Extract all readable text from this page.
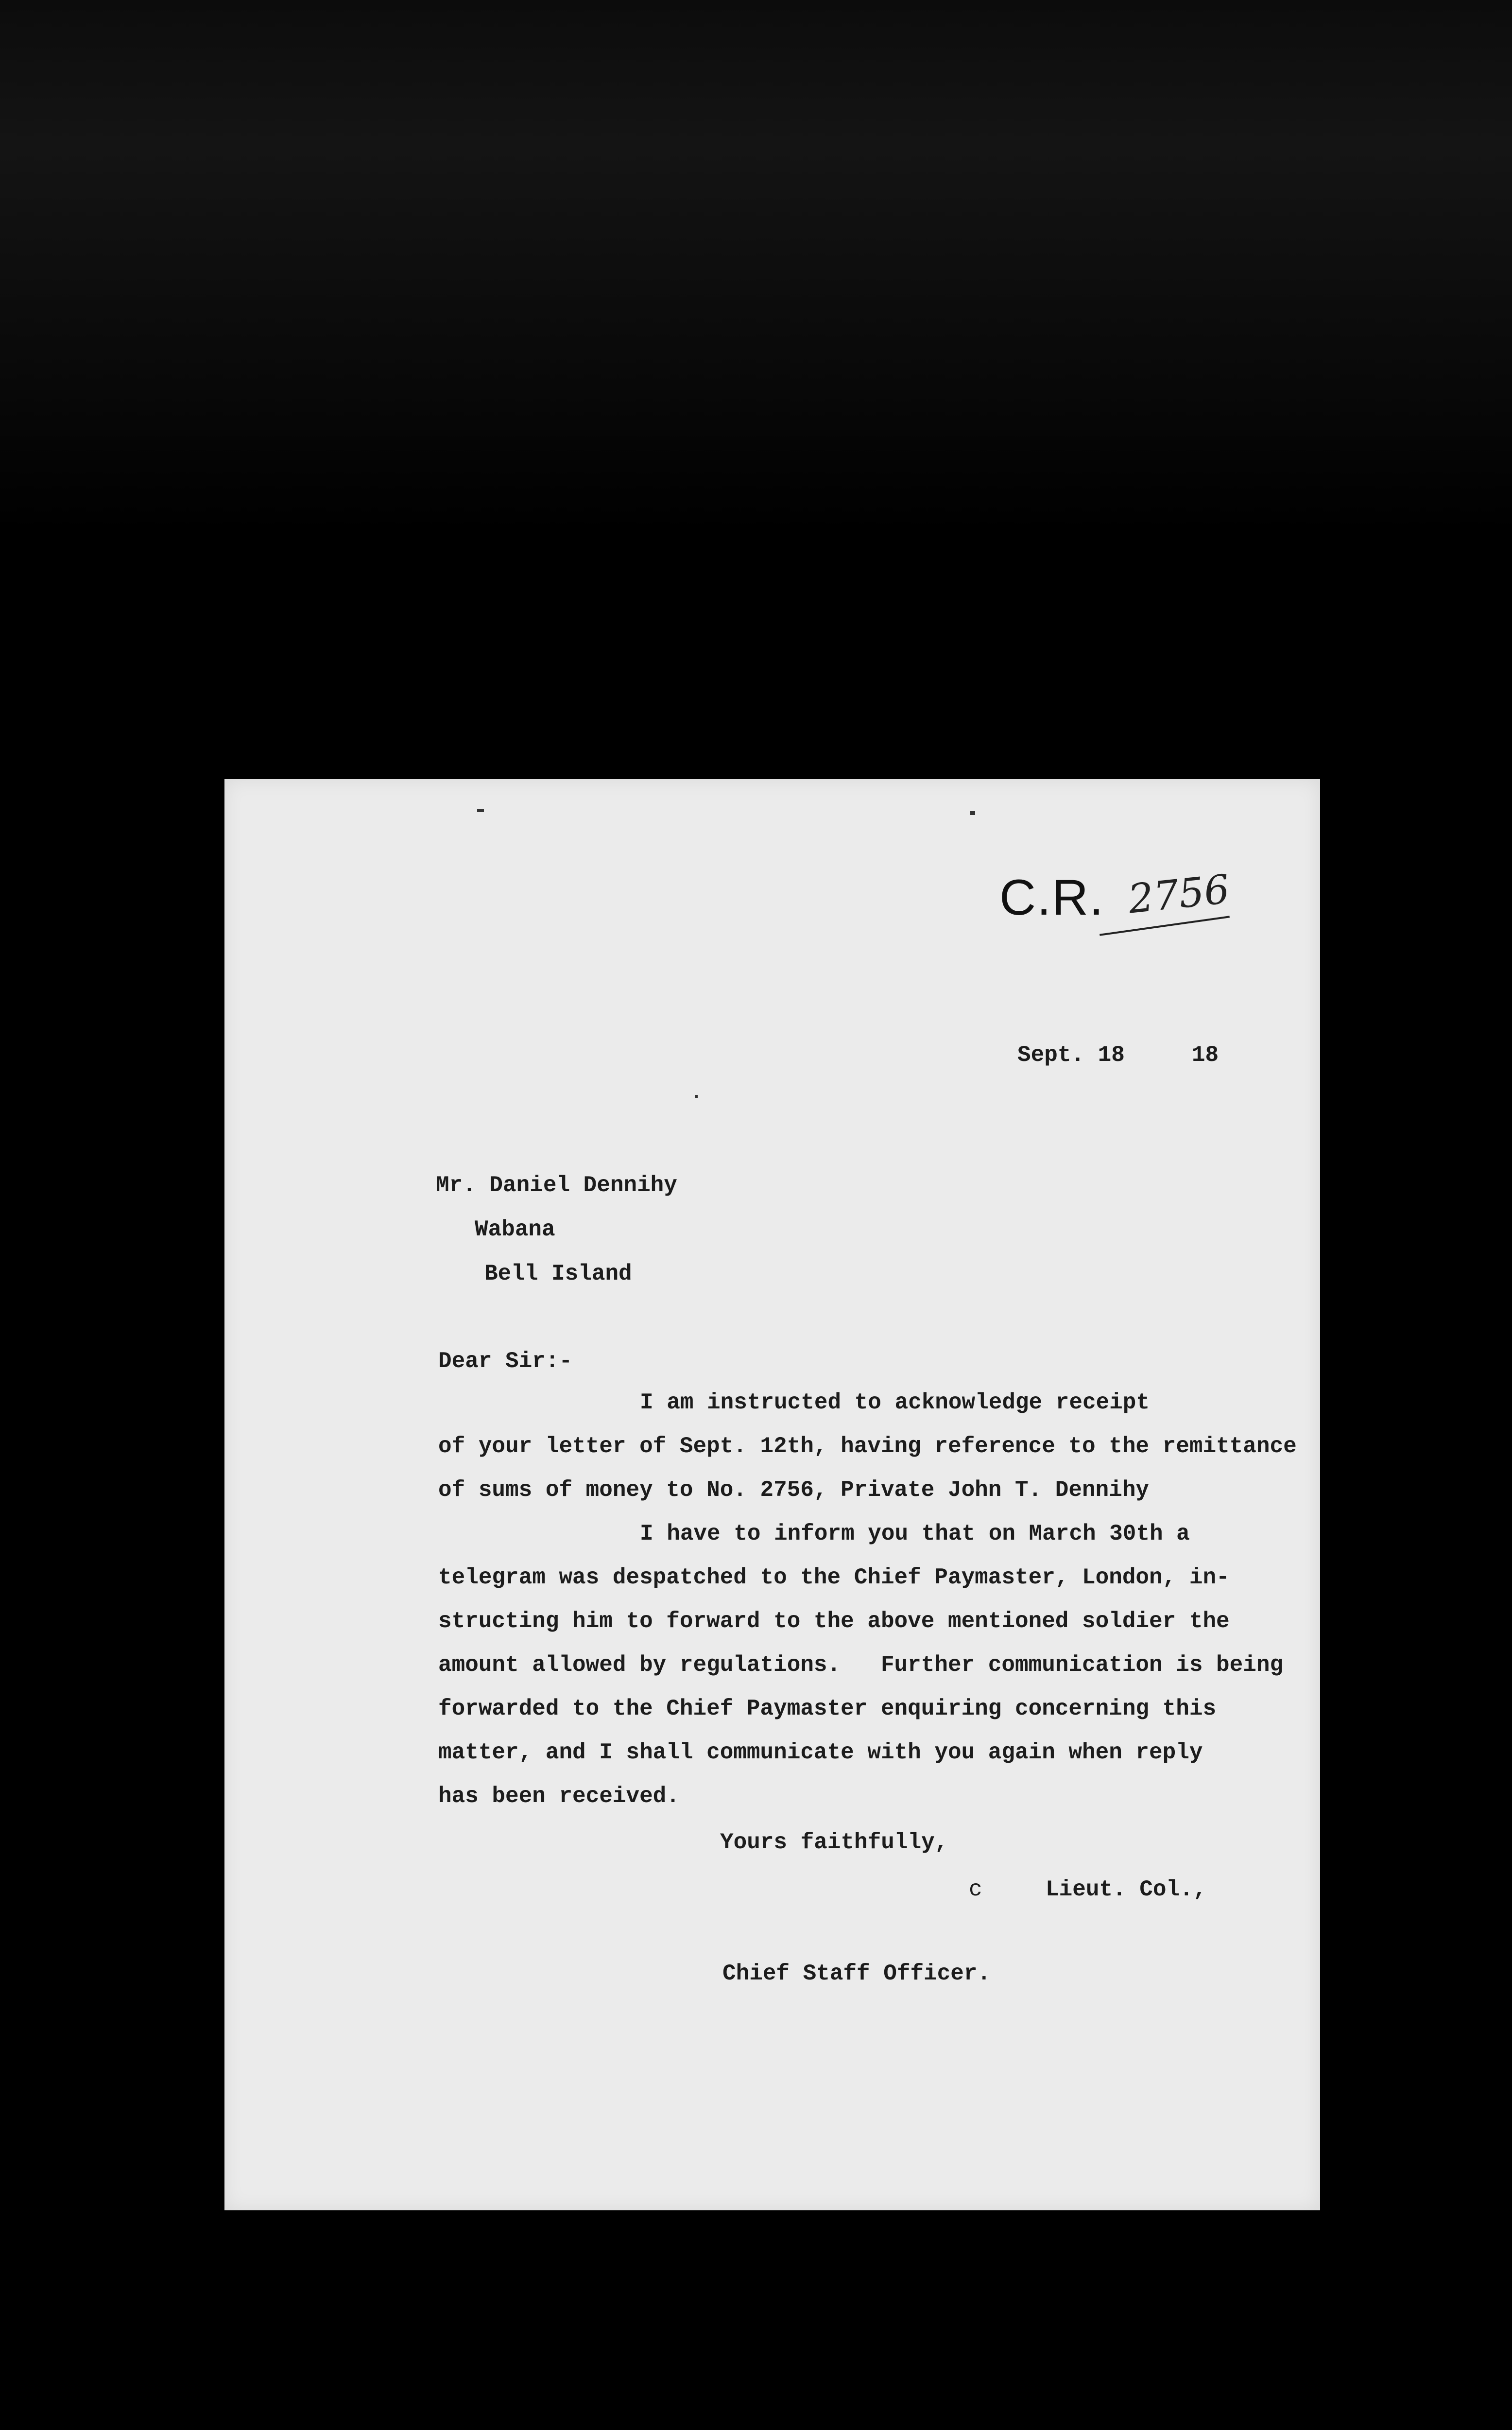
C.R. 2756
Sept. 18     18
Mr. Daniel Dennihy
Wabana
Bell Island
Dear Sir:-
I am instructed to acknowledge receipt
of your letter of Sept. 12th, having reference to the remittance
of sums of money to No. 2756, Private John T. Dennihy
I have to inform you that on March 30th a
telegram was despatched to the Chief Paymaster, London, in-
structing him to forward to the above mentioned soldier the
amount allowed by regulations.   Further communication is being
forwarded to the Chief Paymaster enquiring concerning this
matter, and I shall communicate with you again when reply
has been received.
Yours faithfully,
c	Lieut. Col.,
Chief Staff Officer.
